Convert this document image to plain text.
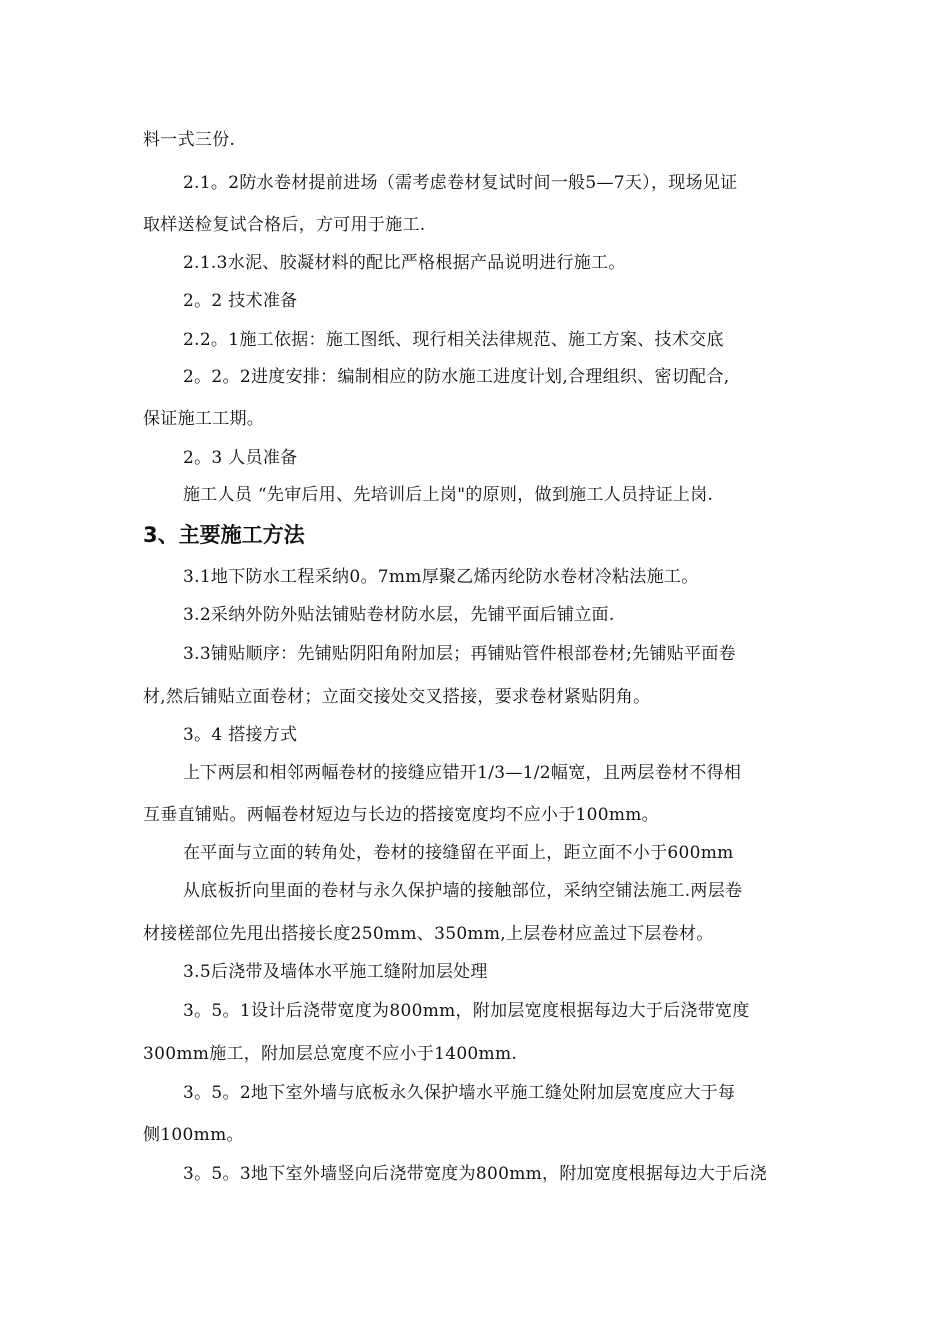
料一式三份.
2.1。2防水卷材提前进场（需考虑卷材复试时间一般5—7天），现场见证
取样送检复试合格后，方可用于施工.
2.1.3水泥、胶凝材料的配比严格根据产品说明进行施工。
2。2 技术准备
2.2。1施工依据：施工图纸、现行相关法律规范、施工方案、技术交底
2。2。2进度安排：编制相应的防水施工进度计划,合理组织、密切配合,
保证施工工期。
2。3 人员准备
施工人员 “先审后用、先培训后上岗"的原则，做到施工人员持证上岗.
3、主要施工方法
3.1地下防水工程采纳0。7mm厚聚乙烯丙纶防水卷材冷粘法施工。
3.2采纳外防外贴法铺贴卷材防水层，先铺平面后铺立面.
3.3铺贴顺序：先铺贴阴阳角附加层；再铺贴管件根部卷材;先铺贴平面卷
材,然后铺贴立面卷材；立面交接处交叉搭接，要求卷材紧贴阴角。
3。4 搭接方式
上下两层和相邻两幅卷材的接缝应错开1/3—1/2幅宽，且两层卷材不得相
互垂直铺贴。两幅卷材短边与长边的搭接宽度均不应小于100mm。
在平面与立面的转角处，卷材的接缝留在平面上，距立面不小于600mm
从底板折向里面的卷材与永久保护墙的接触部位，采纳空铺法施工.两层卷
材接槎部位先甩出搭接长度250mm、350mm,上层卷材应盖过下层卷材。
3.5后浇带及墙体水平施工缝附加层处理
3。5。1设计后浇带宽度为800mm，附加层宽度根据每边大于后浇带宽度
300mm施工，附加层总宽度不应小于1400mm.
3。5。2地下室外墙与底板永久保护墙水平施工缝处附加层宽度应大于每
侧100mm。
3。5。3地下室外墙竖向后浇带宽度为800mm，附加宽度根据每边大于后浇
